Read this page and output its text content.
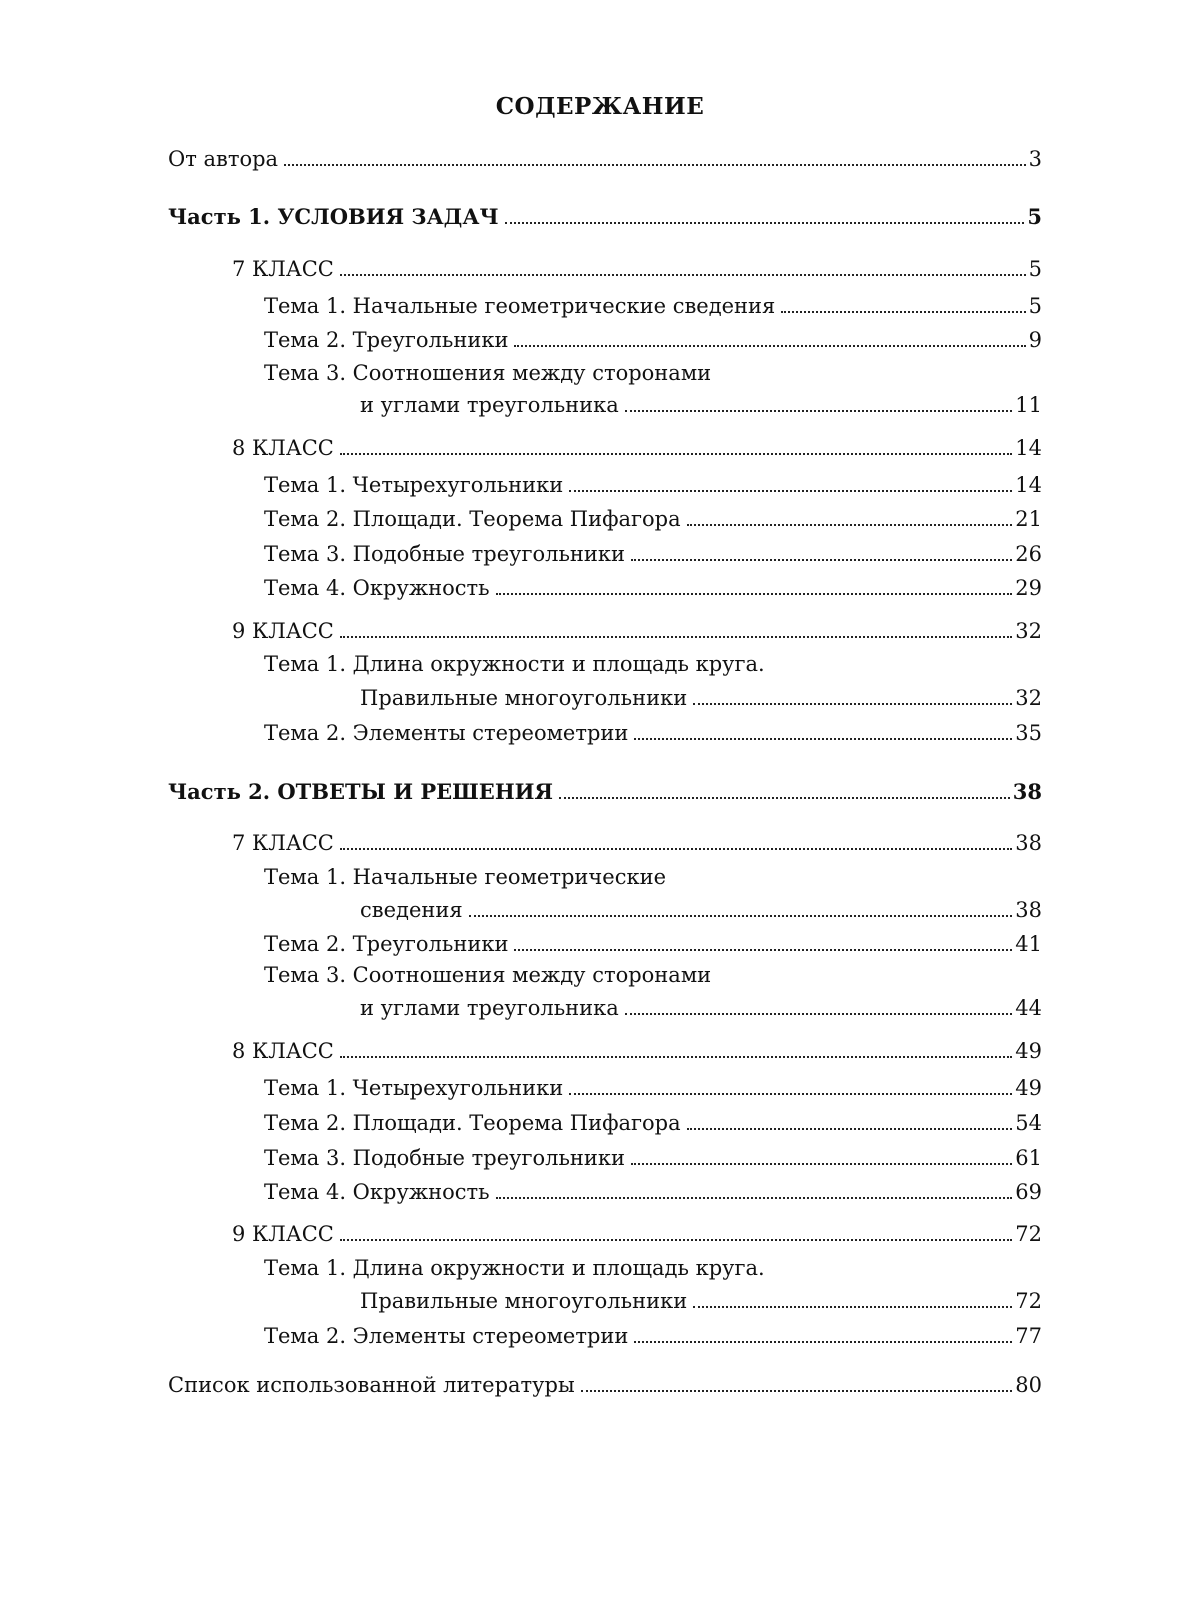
СОДЕРЖАНИЕ
От автора	3
Часть 1. УСЛОВИЯ ЗАДАЧ	5
7 КЛАСС	5
Тема 1. Начальные геометрические сведения	5
Тема 2. Треугольники	9
Тема 3. Соотношения между сторонами
и углами треугольника	11
8 КЛАСС	14
Тема 1. Четырехугольники	14
Тема 2. Площади. Теорема Пифагора	21
Тема 3. Подобные треугольники	26
Тема 4. Окружность	29
9 КЛАСС	32
Тема 1. Длина окружности и площадь круга.
Правильные многоугольники	32
Тема 2. Элементы стереометрии	35
Часть 2. ОТВЕТЫ И РЕШЕНИЯ	38
7 КЛАСС	38
Тема 1. Начальные геометрические
сведения	38
Тема 2. Треугольники	41
Тема 3. Соотношения между сторонами
и углами треугольника	44
8 КЛАСС	49
Тема 1. Четырехугольники	49
Тема 2. Площади. Теорема Пифагора	54
Тема 3. Подобные треугольники	61
Тема 4. Окружность	69
9 КЛАСС	72
Тема 1. Длина окружности и площадь круга.
Правильные многоугольники	72
Тема 2. Элементы стереометрии	77
Список использованной литературы	80
